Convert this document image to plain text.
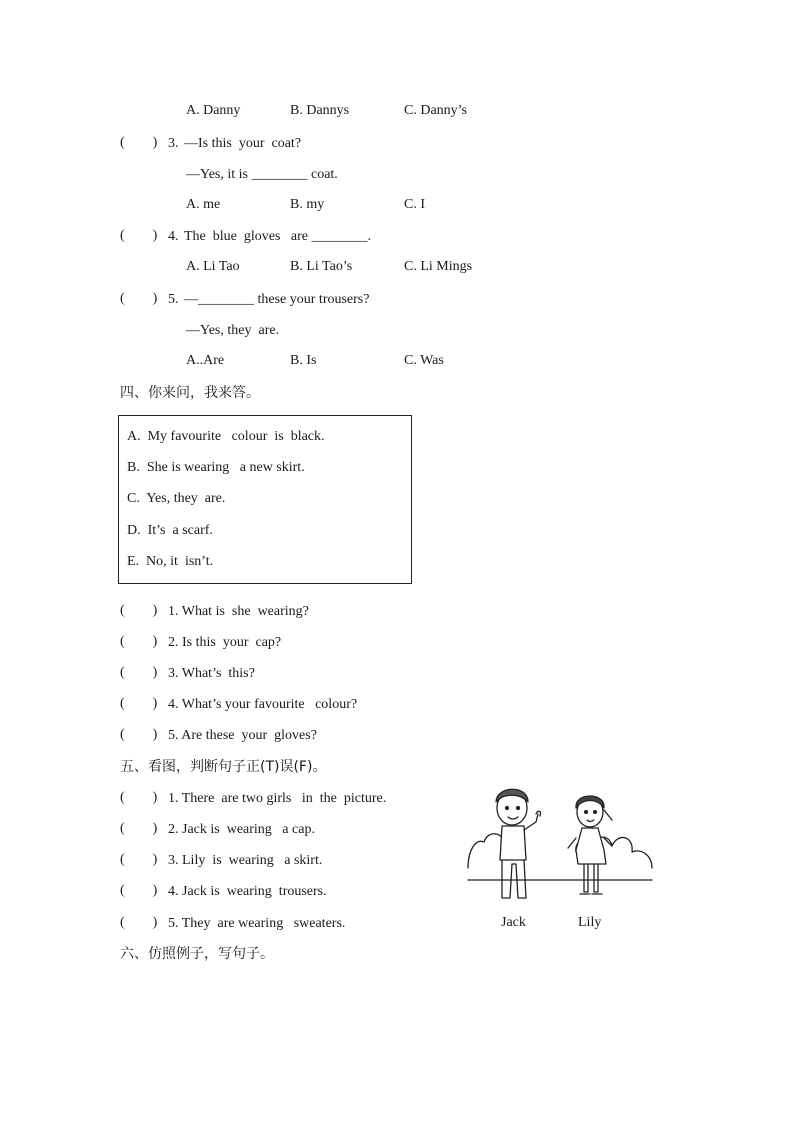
A. Danny	B. Dannys	C. Danny’s
(        ) 3. —Is this  your  coat?
—Yes, it is ________ coat.
A. me	B. my	C. I
(        ) 4. The  blue  gloves   are ________.
A. Li Tao	B. Li Tao’s	C. Li Mings
(        ) 5. —________ these your trousers?
—Yes, they  are.
A..Are	B. Is	C. Was
四、你来问，我来答。
A.  My favourite   colour  is  black.
B.  She is wearing   a new skirt.
C.  Yes, they  are.
D.  It’s  a scarf.
E.  No, it  isn’t.
(        ) 1. What is  she  wearing?
(        ) 2. Is this  your  cap?
(        ) 3. What’s  this?
(        ) 4. What’s your favourite   colour?
(        ) 5. Are these  your  gloves?
五、看图，判断句子正(T)误(F)。
(        ) 1. There  are two girls   in  the  picture.
(        ) 2. Jack is  wearing   a cap.
(        ) 3. Lily  is  wearing   a skirt.
(        ) 4. Jack is  wearing  trousers.
(        ) 5. They  are wearing   sweaters.	Jack	Lily
六、仿照例子，写句子。
